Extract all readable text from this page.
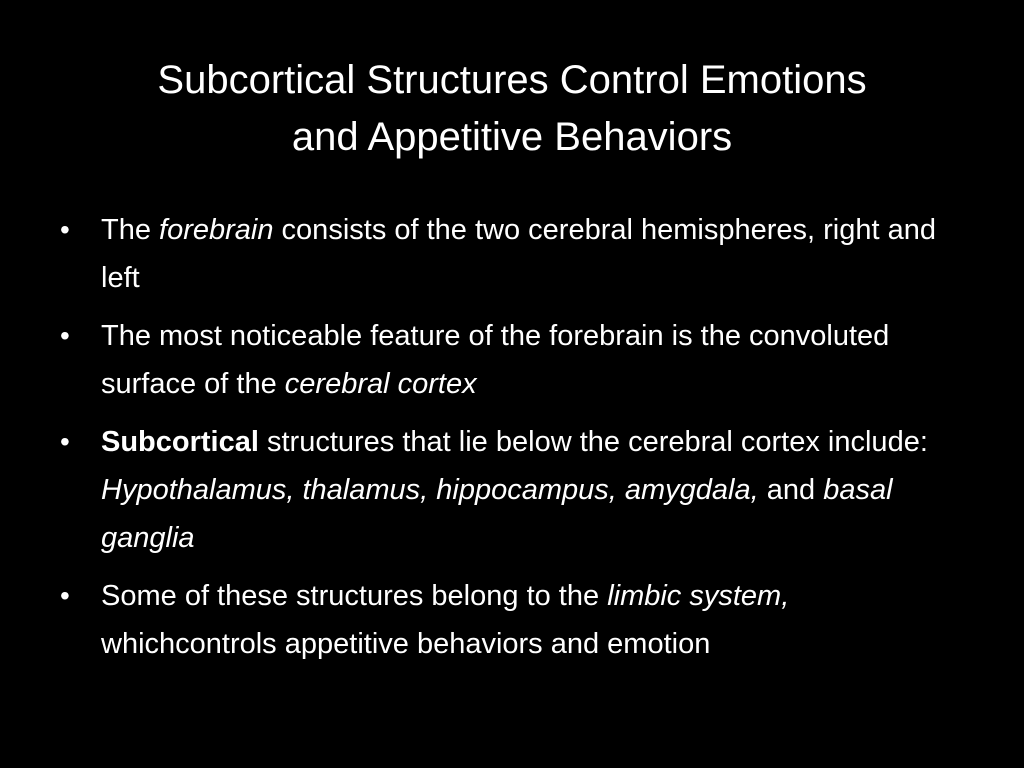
Subcortical Structures Control Emotions
and Appetitive Behaviors
• The forebrain consists of the two cerebral hemispheres, right and left
• The most noticeable feature of the forebrain is the convoluted surface of the cerebral cortex
• Subcortical structures that lie below the cerebral cortex include: Hypothalamus, thalamus, hippocampus, amygdala, and basal ganglia
• Some of these structures belong to the limbic system, whichcontrols appetitive behaviors and emotion
